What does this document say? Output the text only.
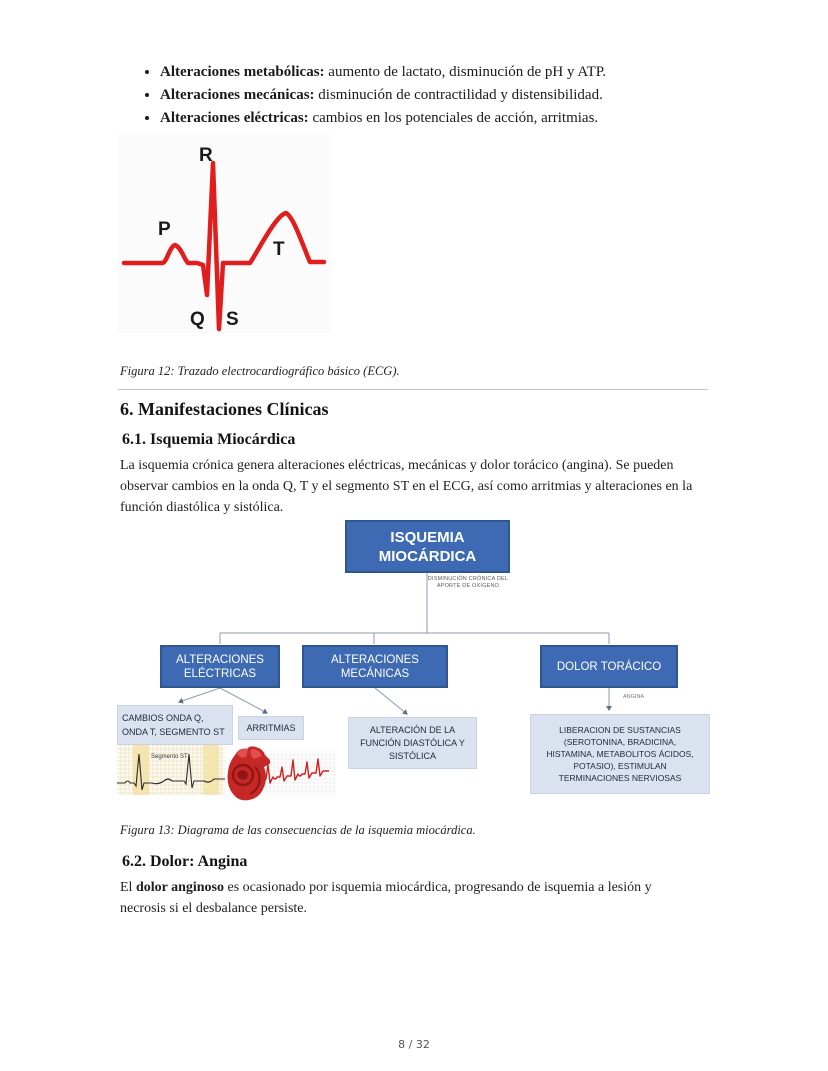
• Alteraciones metabólicas: aumento de lactato, disminución de pH y ATP.
• Alteraciones mecánicas: disminución de contractilidad y distensibilidad.
• Alteraciones eléctricas: cambios en los potenciales de acción, arritmias.
P
Q
R
S
T
Figura 12: Trazado electrocardiográfico básico (ECG).
6. Manifestaciones Clínicas
6.1. Isquemia Miocárdica
La isquemia crónica genera alteraciones eléctricas, mecánicas y dolor torácico (angina). Se pueden observar cambios en la onda Q, T y el segmento ST en el ECG, así como arritmias y alteraciones en la función diastólica y sistólica.
ISQUEMIA MIOCÁRDICA
DISMINUCIÓN CRÓNICA DEL APORTE DE OXÍGENO
ALTERACIONES ELÉCTRICAS
ALTERACIONES MECÁNICAS
DOLOR TORÁCICO
ANGINA
CAMBIOS ONDA Q, ONDA T, SEGMENTO ST	ARRITMIAS	ALTERACIÓN DE LA FUNCIÓN DIASTÓLICA Y SISTÓLICA
LIBERACION DE SUSTANCIAS (SEROTONINA, BRADICINA, HISTAMINA, METABOLITOS ÁCIDOS, POTASIO), ESTIMULAN TERMINACIONES NERVIOSAS
Segmento ST
Figura 13: Diagrama de las consecuencias de la isquemia miocárdica.
6.2. Dolor: Angina
El dolor anginoso es ocasionado por isquemia miocárdica, progresando de isquemia a lesión y necrosis si el desbalance persiste.
8 / 32
